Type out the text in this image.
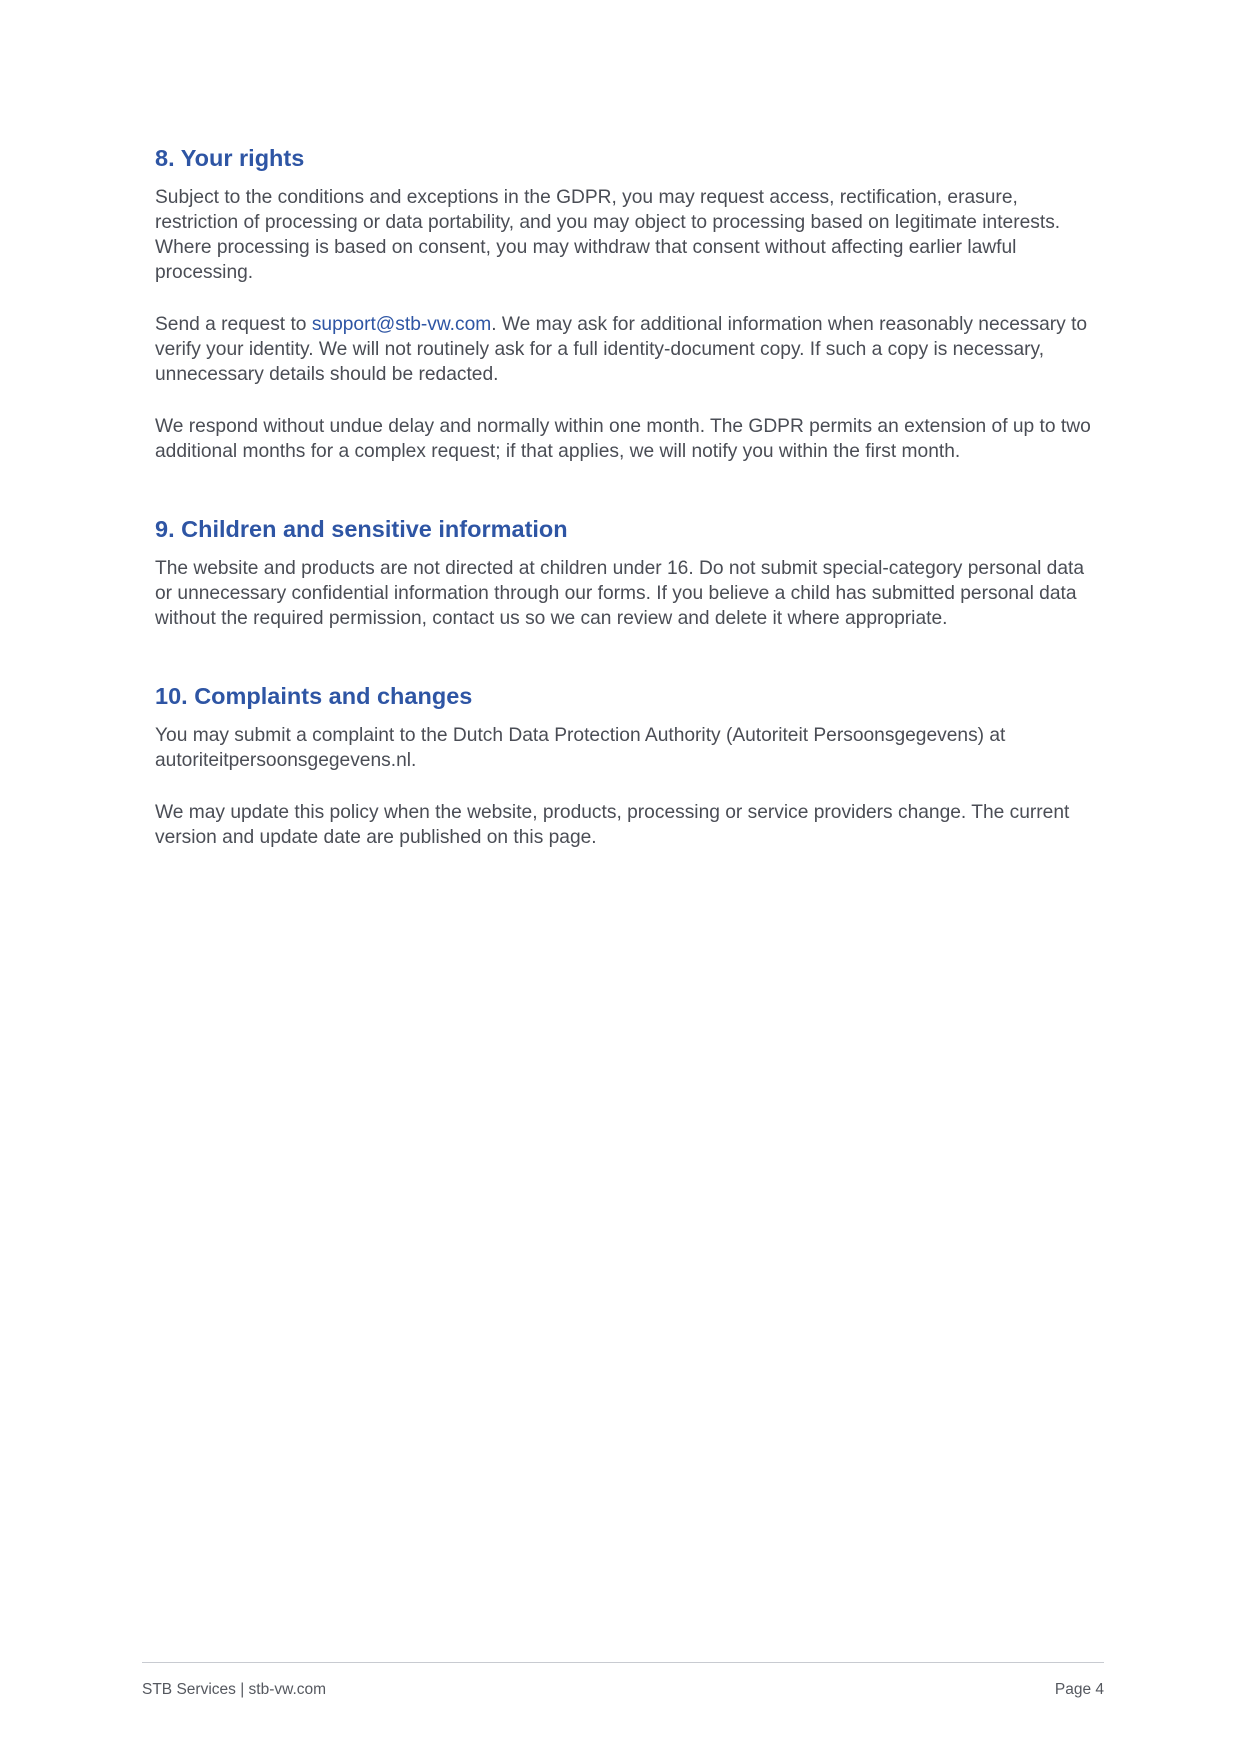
8. Your rights

Subject to the conditions and exceptions in the GDPR, you may request access, rectification, erasure, restriction of processing or data portability, and you may object to processing based on legitimate interests. Where processing is based on consent, you may withdraw that consent without affecting earlier lawful processing.

Send a request to support@stb-vw.com. We may ask for additional information when reasonably necessary to verify your identity. We will not routinely ask for a full identity-document copy. If such a copy is necessary, unnecessary details should be redacted.

We respond without undue delay and normally within one month. The GDPR permits an extension of up to two additional months for a complex request; if that applies, we will notify you within the first month.

9. Children and sensitive information

The website and products are not directed at children under 16. Do not submit special-category personal data or unnecessary confidential information through our forms. If you believe a child has submitted personal data without the required permission, contact us so we can review and delete it where appropriate.

10. Complaints and changes

You may submit a complaint to the Dutch Data Protection Authority (Autoriteit Persoonsgegevens) at autoriteitpersoonsgegevens.nl.

We may update this policy when the website, products, processing or service providers change. The current version and update date are published on this page.

STB Services | stb-vw.com	Page 4
